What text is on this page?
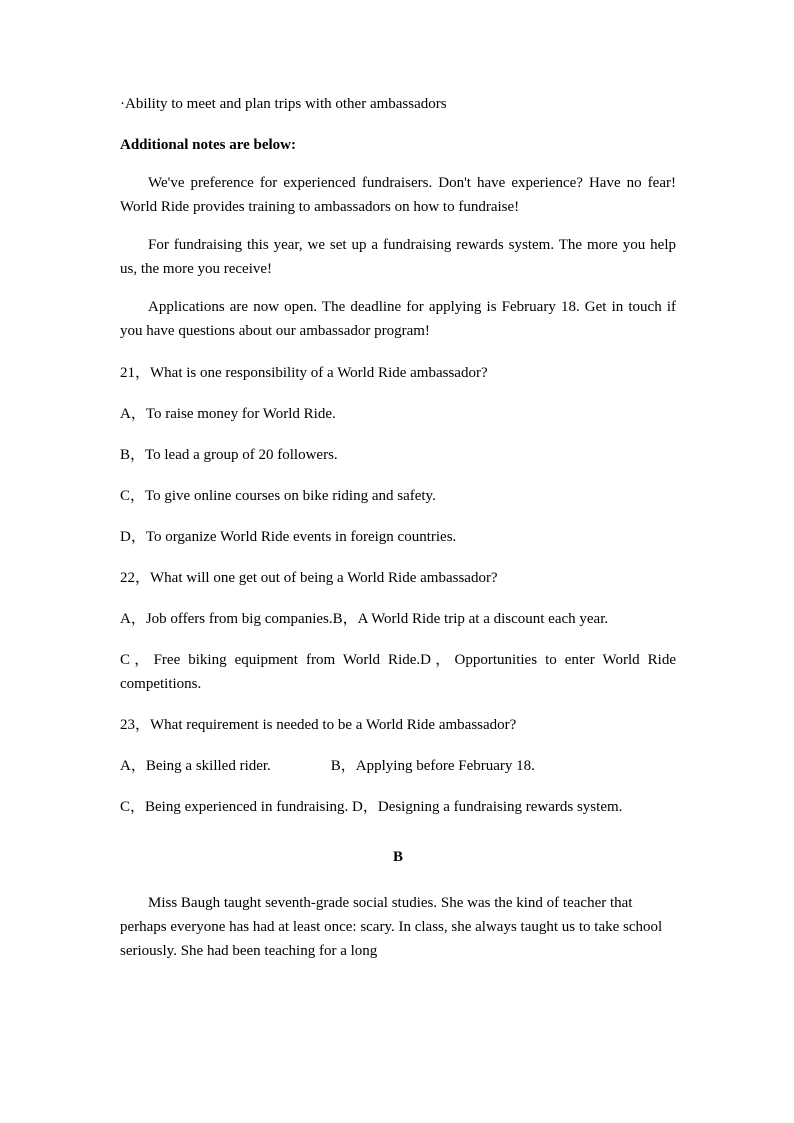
·Ability to meet and plan trips with other ambassadors

Additional notes are below:

We've preference for experienced fundraisers. Don't have experience? Have no fear! World Ride provides training to ambassadors on how to fundraise!

For fundraising this year, we set up a fundraising rewards system. The more you help us, the more you receive!

Applications are now open. The deadline for applying is February 18. Get in touch if you have questions about our ambassador program!

21，What is one responsibility of a World Ride ambassador?

A，To raise money for World Ride.

B，To lead a group of 20 followers.

C，To give online courses on bike riding and safety.

D，To organize World Ride events in foreign countries.

22，What will one get out of being a World Ride ambassador?

A，Job offers from big companies.B，A World Ride trip at a discount each year.

C，Free biking equipment from World Ride.D，Opportunities to enter World Ride competitions.

23，What requirement is needed to be a World Ride ambassador?

A，Being a skilled rider.                B，Applying before February 18.

C，Being experienced in fundraising. D，Designing a fundraising rewards system.

B

Miss Baugh taught seventh-grade social studies. She was the kind of teacher that perhaps everyone has had at least once: scary. In class, she always taught us to take school seriously. She had been teaching for a long
